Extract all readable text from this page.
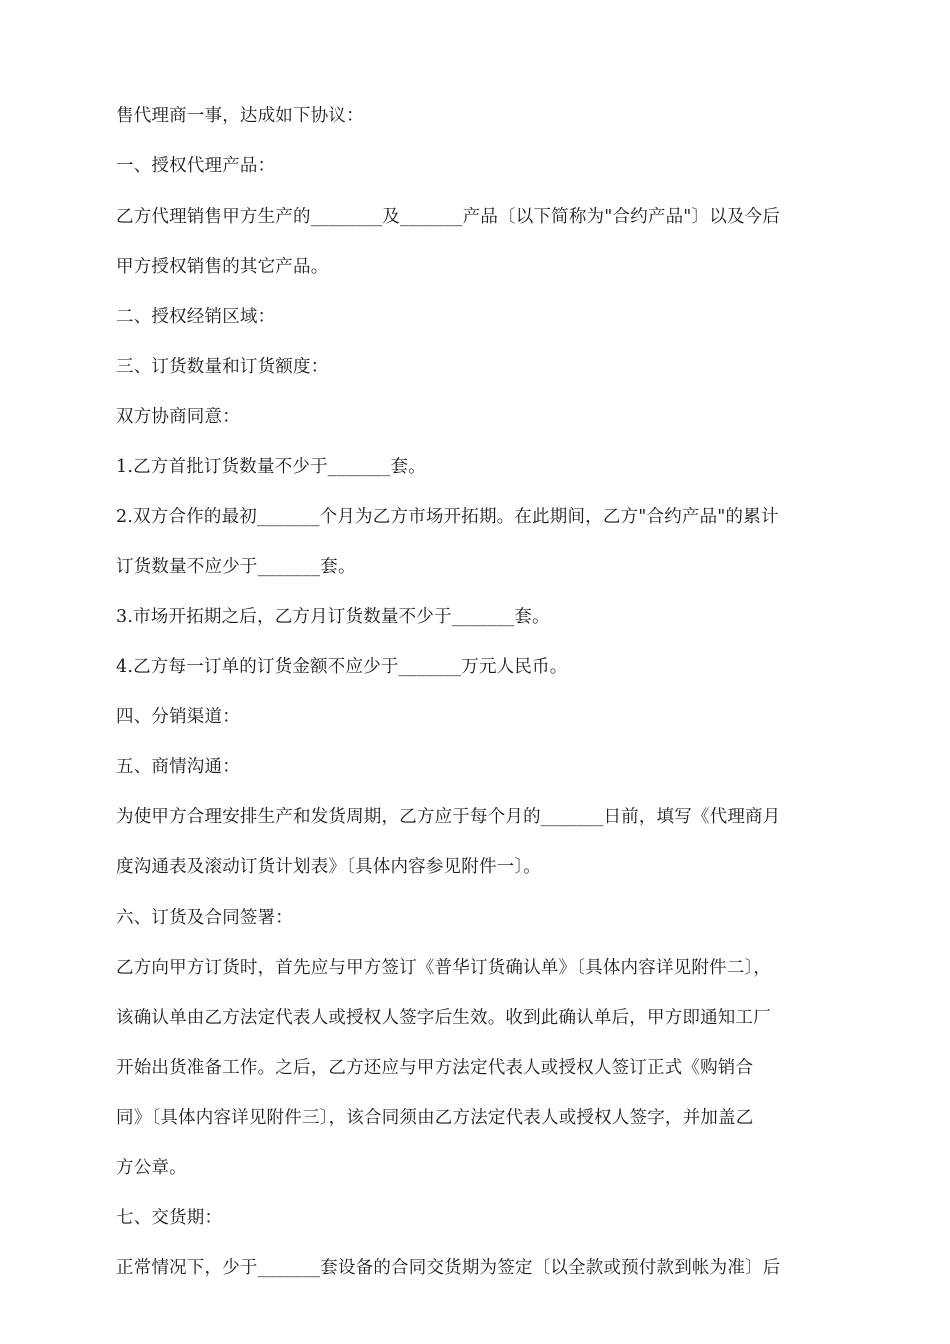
售代理商一事，达成如下协议：
一、授权代理产品：
乙方代理销售甲方生产的________及_______产品〔以下简称为"合约产品"〕以及今后
甲方授权销售的其它产品。
二、授权经销区域：
三、订货数量和订货额度：
双方协商同意：
1.乙方首批订货数量不少于_______套。
2.双方合作的最初_______个月为乙方市场开拓期。在此期间，乙方"合约产品"的累计
订货数量不应少于_______套。
3.市场开拓期之后，乙方月订货数量不少于_______套。
4.乙方每一订单的订货金额不应少于_______万元人民币。
四、分销渠道：
五、商情沟通：
为使甲方合理安排生产和发货周期，乙方应于每个月的_______日前，填写《代理商月
度沟通表及滚动订货计划表》〔具体内容参见附件一〕。
六、订货及合同签署：
乙方向甲方订货时，首先应与甲方签订《普华订货确认单》〔具体内容详见附件二〕，
该确认单由乙方法定代表人或授权人签字后生效。收到此确认单后，甲方即通知工厂
开始出货准备工作。之后，乙方还应与甲方法定代表人或授权人签订正式《购销合
同》〔具体内容详见附件三〕，该合同须由乙方法定代表人或授权人签字，并加盖乙
方公章。
七、交货期：
正常情况下，少于_______套设备的合同交货期为签定〔以全款或预付款到帐为准〕后
